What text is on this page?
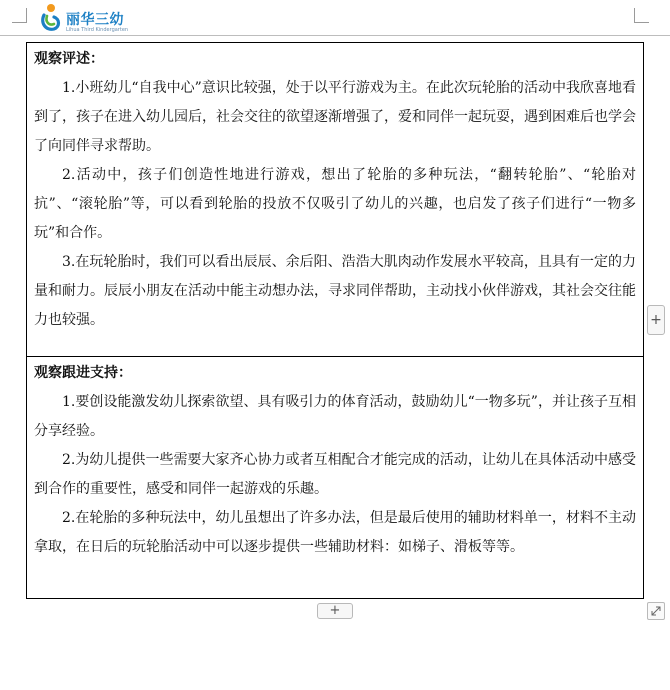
丽华三幼
Lihua Third Kindergarten
观察评述：

1.小班幼儿“自我中心”意识比较强，处于以平行游戏为主。在此次玩轮胎的活动中我欣喜地看到了，孩子在进入幼儿园后，社会交往的欲望逐渐增强了，爱和同伴一起玩耍，遇到困难后也学会了向同伴寻求帮助。

2.活动中，孩子们创造性地进行游戏，想出了轮胎的多种玩法，“翻转轮胎”、“轮胎对抗”、“滚轮胎”等，可以看到轮胎的投放不仅吸引了幼儿的兴趣，也启发了孩子们进行“一物多玩”和合作。

3.在玩轮胎时，我们可以看出辰辰、余后阳、浩浩大肌肉动作发展水平较高，且具有一定的力量和耐力。辰辰小朋友在活动中能主动想办法，寻求同伴帮助，主动找小伙伴游戏，其社会交往能力也较强。

观察跟进支持：

1.要创设能激发幼儿探索欲望、具有吸引力的体育活动，鼓励幼儿“一物多玩”，并让孩子互相分享经验。

2.为幼儿提供一些需要大家齐心协力或者互相配合才能完成的活动，让幼儿在具体活动中感受到合作的重要性，感受和同伴一起游戏的乐趣。

2.在轮胎的多种玩法中，幼儿虽想出了许多办法，但是最后使用的辅助材料单一，材料不主动拿取，在日后的玩轮胎活动中可以逐步提供一些辅助材料：如梯子、滑板等等。

+
+
